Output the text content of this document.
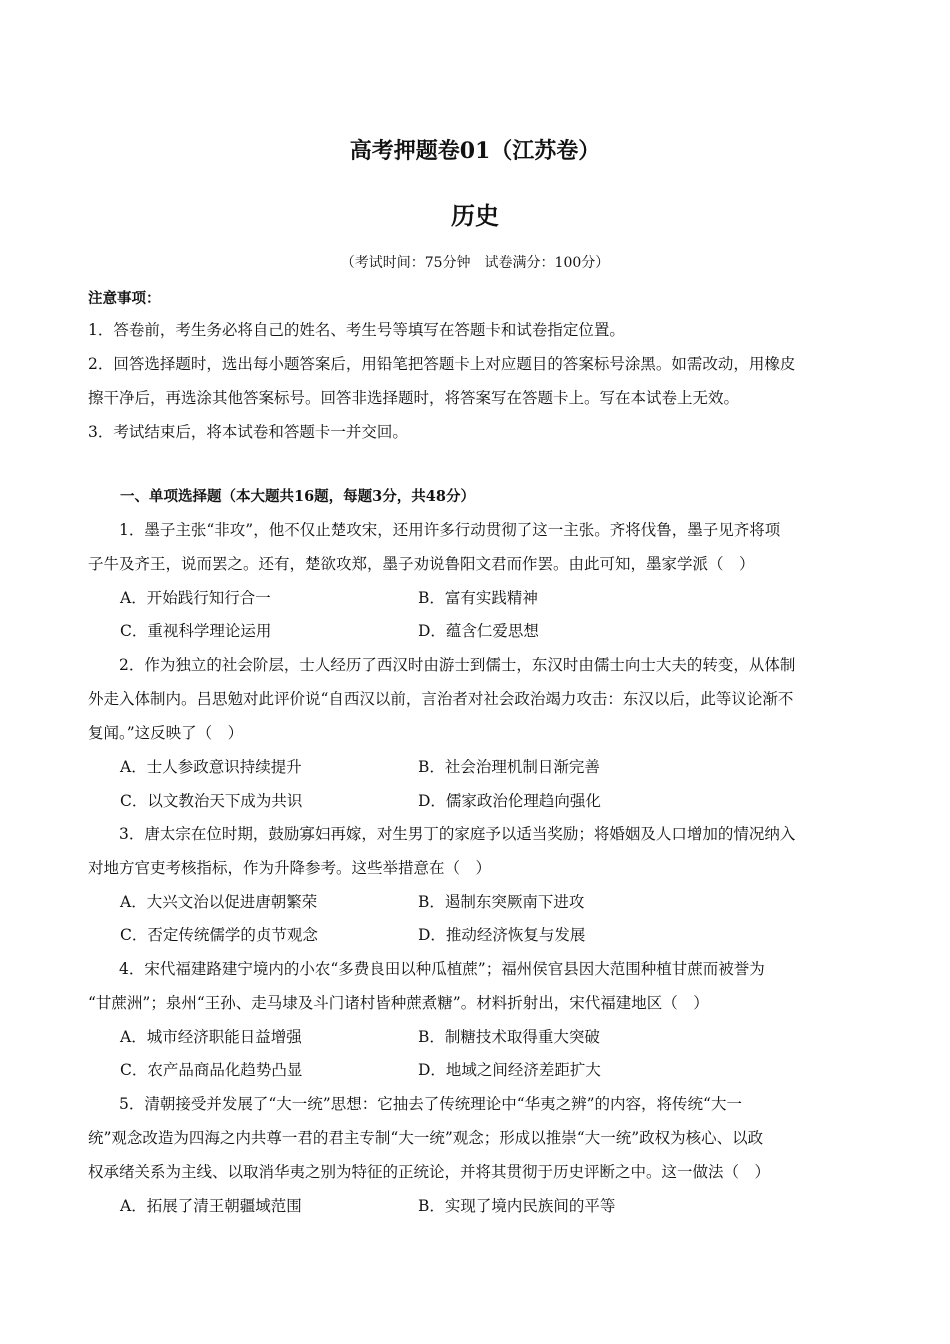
高考押题卷01（江苏卷）
历史
（考试时间：75分钟　试卷满分：100分）
注意事项：
1．答卷前，考生务必将自己的姓名、考生号等填写在答题卡和试卷指定位置。
2．回答选择题时，选出每小题答案后，用铅笔把答题卡上对应题目的答案标号涂黑。如需改动，用橡皮
擦干净后，再选涂其他答案标号。回答非选择题时，将答案写在答题卡上。写在本试卷上无效。
3．考试结束后，将本试卷和答题卡一并交回。
一、单项选择题（本大题共16题，每题3分，共48分）
　　1．墨子主张“非攻”，他不仅止楚攻宋，还用许多行动贯彻了这一主张。齐将伐鲁，墨子见齐将项
子牛及齐王，说而罢之。还有，楚欲攻郑，墨子劝说鲁阳文君而作罢。由此可知，墨家学派（　）
A．开始践行知行合一	B．富有实践精神
C．重视科学理论运用	D．蕴含仁爱思想
　　2．作为独立的社会阶层，士人经历了西汉时由游士到儒士，东汉时由儒士向士大夫的转变，从体制
外走入体制内。吕思勉对此评价说“自西汉以前，言治者对社会政治竭力攻击：东汉以后，此等议论渐不
复闻。”这反映了（　）
A．士人参政意识持续提升	B．社会治理机制日渐完善
C．以文教治天下成为共识	D．儒家政治伦理趋向强化
　　3．唐太宗在位时期，鼓励寡妇再嫁，对生男丁的家庭予以适当奖励；将婚姻及人口增加的情况纳入
对地方官吏考核指标，作为升降参考。这些举措意在（　）
A．大兴文治以促进唐朝繁荣	B．遏制东突厥南下进攻
C．否定传统儒学的贞节观念	D．推动经济恢复与发展
　　4．宋代福建路建宁境内的小农“多费良田以种瓜植蔗”；福州侯官县因大范围种植甘蔗而被誉为
“甘蔗洲”；泉州“王孙、走马埭及斗门诸村皆种蔗煮糖”。材料折射出，宋代福建地区（　）
A．城市经济职能日益增强	B．制糖技术取得重大突破
C．农产品商品化趋势凸显	D．地域之间经济差距扩大
　　5．清朝接受并发展了“大一统”思想：它抽去了传统理论中“华夷之辨”的内容，将传统“大一
统”观念改造为四海之内共尊一君的君主专制“大一统”观念；形成以推崇“大一统”政权为核心、以政
权承绪关系为主线、以取消华夷之别为特征的正统论，并将其贯彻于历史评断之中。这一做法（　）
A．拓展了清王朝疆域范围	B．实现了境内民族间的平等
